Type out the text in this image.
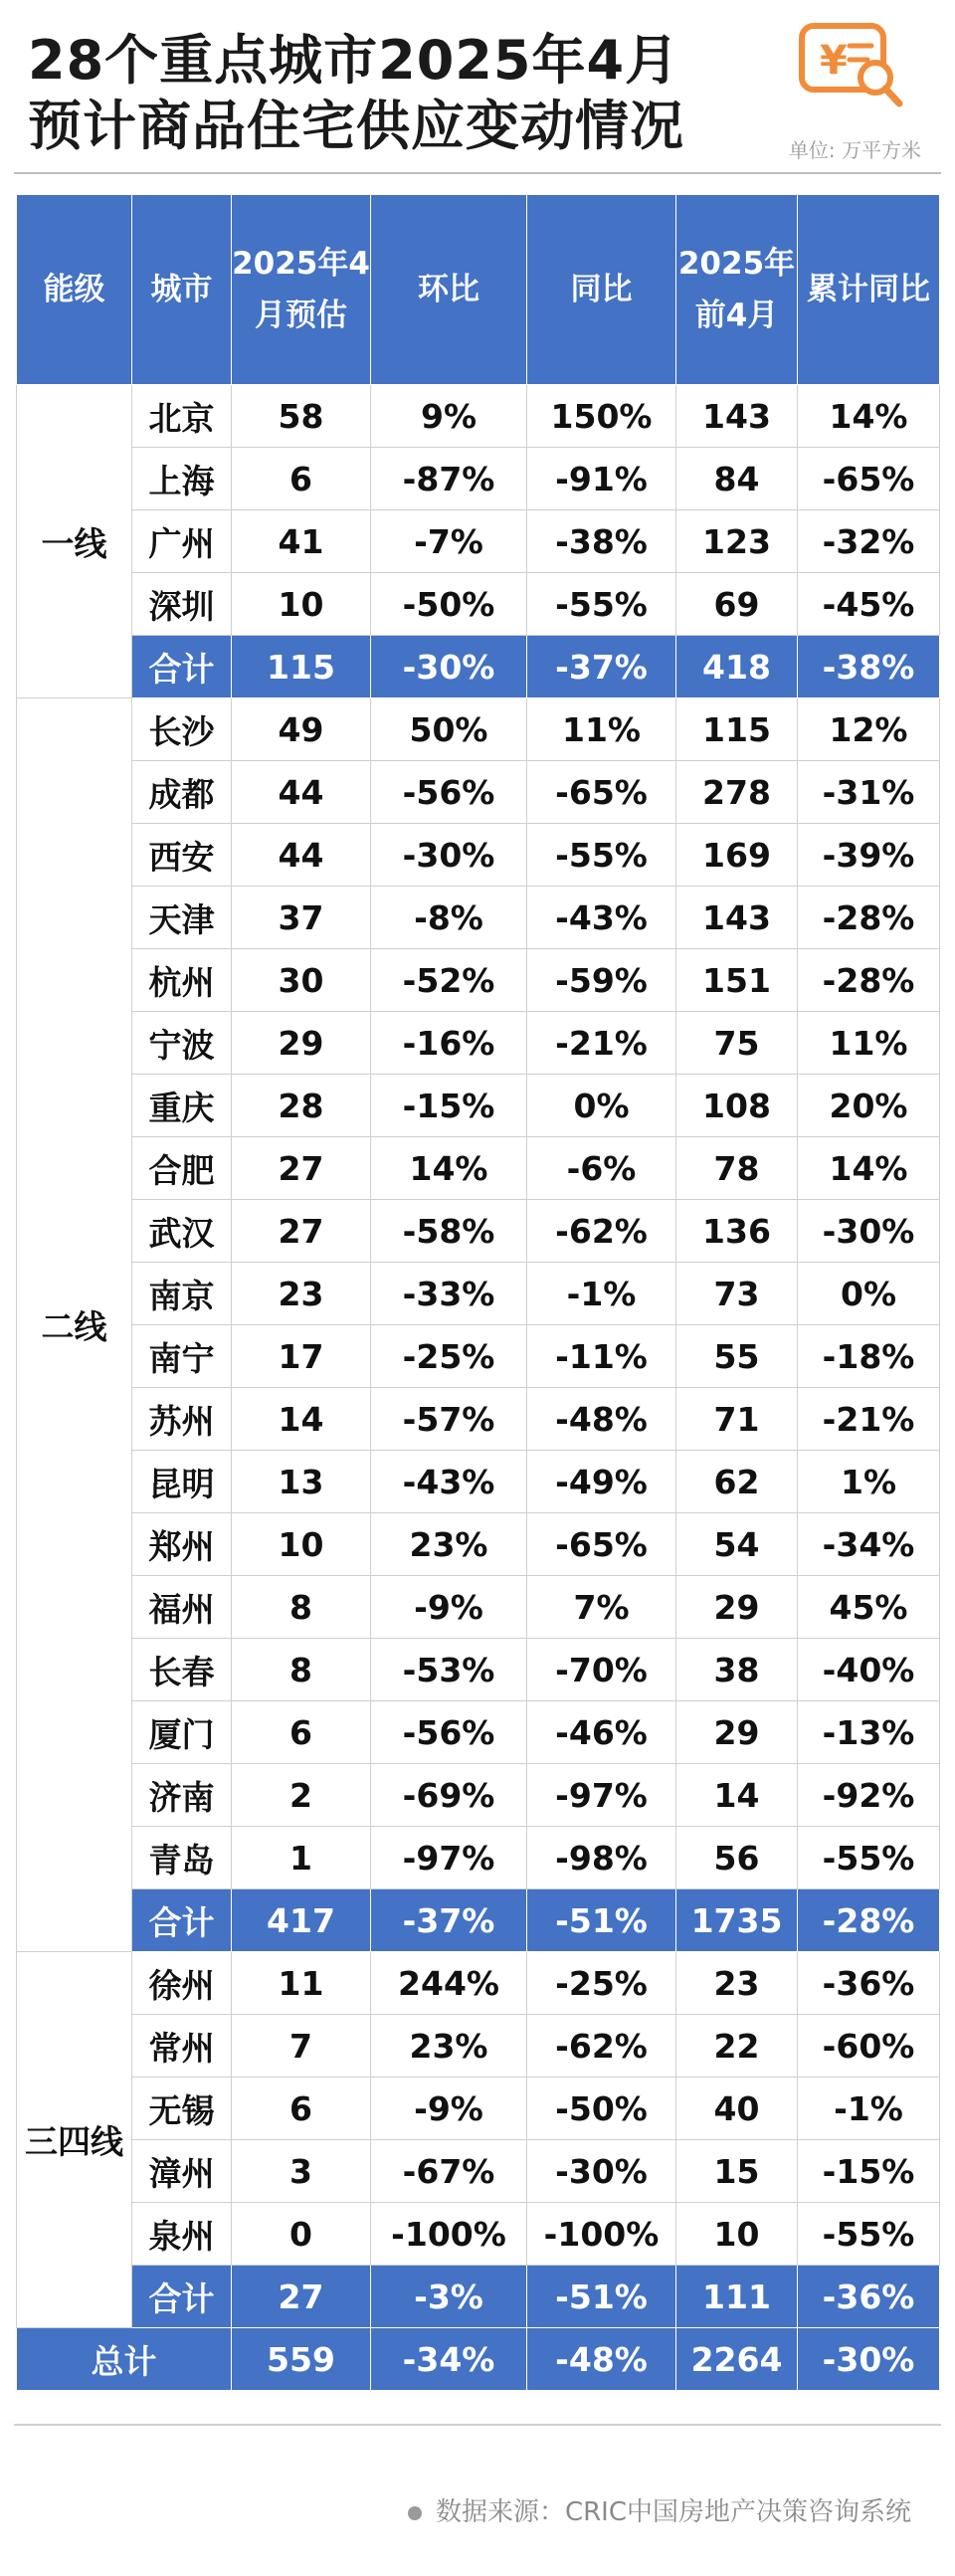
28个重点城市2025年4月
预计商品住宅供应变动情况
¥
单位: 万平方米
能级	城市	2025年4月预估	环比	同比	2025年前4月	累计同比
一线	北京	58	9%	150%	143	14%
	上海	6	-87%	-91%	84	-65%
	广州	41	-7%	-38%	123	-32%
	深圳	10	-50%	-55%	69	-45%
	合计	115	-30%	-37%	418	-38%
二线	长沙	49	50%	11%	115	12%
	成都	44	-56%	-65%	278	-31%
	西安	44	-30%	-55%	169	-39%
	天津	37	-8%	-43%	143	-28%
	杭州	30	-52%	-59%	151	-28%
	宁波	29	-16%	-21%	75	11%
	重庆	28	-15%	0%	108	20%
	合肥	27	14%	-6%	78	14%
	武汉	27	-58%	-62%	136	-30%
	南京	23	-33%	-1%	73	0%
	南宁	17	-25%	-11%	55	-18%
	苏州	14	-57%	-48%	71	-21%
	昆明	13	-43%	-49%	62	1%
	郑州	10	23%	-65%	54	-34%
	福州	8	-9%	7%	29	45%
	长春	8	-53%	-70%	38	-40%
	厦门	6	-56%	-46%	29	-13%
	济南	2	-69%	-97%	14	-92%
	青岛	1	-97%	-98%	56	-55%
	合计	417	-37%	-51%	1735	-28%
三四线	徐州	11	244%	-25%	23	-36%
	常州	7	23%	-62%	22	-60%
	无锡	6	-9%	-50%	40	-1%
	漳州	3	-67%	-30%	15	-15%
	泉州	0	-100%	-100%	10	-55%
	合计	27	-3%	-51%	111	-36%
总计		559	-34%	-48%	2264	-30%
数据来源：CRIC中国房地产决策咨询系统
